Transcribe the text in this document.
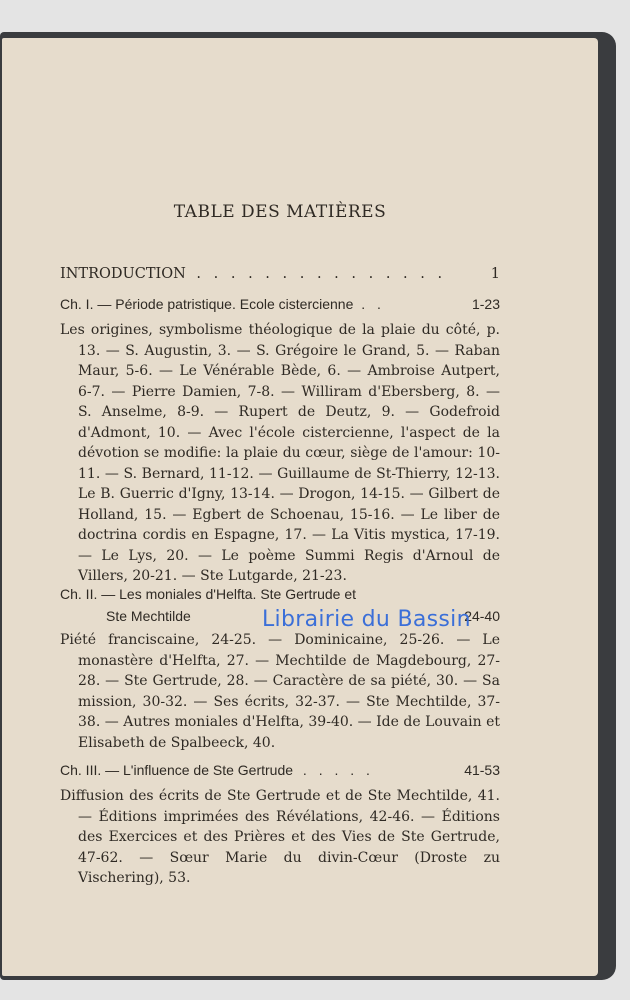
TABLE DES MATIÈRES
INTRODUCTION . . . . . . . . . . . . . . .	1
Ch. I. — Période patristique. Ecole cistercienne . .	1-23
Les origines, symbolisme théologique de la plaie du côté, p. 13. — S. Augustin, 3. — S. Grégoire le Grand, 5. — Raban Maur, 5-6. — Le Vénérable Bède, 6. — Ambroise Autpert, 6-7. — Pierre Damien, 7-8. — Williram d'Ebersberg, 8. — S. Anselme, 8-9. — Rupert de Deutz, 9. — Godefroid d'Admont, 10. — Avec l'école cistercienne, l'aspect de la dévotion se modifie: la plaie du cœur, siège de l'amour: 10-11. — S. Bernard, 11-12. — Guillaume de St-Thierry, 12-13. Le B. Guerric d'Igny, 13-14. — Drogon, 14-15. — Gilbert de Holland, 15. — Egbert de Schoenau, 15-16. — Le liber de doctrina cordis en Espagne, 17. — La Vitis mystica, 17-19. — Le Lys, 20. — Le poème Summi Regis d'Arnoul de Villers, 20-21. — Ste Lutgarde, 21-23.
Ch. II. — Les moniales d'Helfta. Ste Gertrude et
Ste Mechtilde	24-40
Piété franciscaine, 24-25. — Dominicaine, 25-26. — Le monastère d'Helfta, 27. — Mechtilde de Magdebourg, 27-28. — Ste Gertrude, 28. — Caractère de sa piété, 30. — Sa mission, 30-32. — Ses écrits, 32-37. — Ste Mechtilde, 37-38. — Autres moniales d'Helfta, 39-40. — Ide de Louvain et Elisabeth de Spalbeeck, 40.
Ch. III. — L'influence de Ste Gertrude . . . . .	41-53
Diffusion des écrits de Ste Gertrude et de Ste Mechtilde, 41. — Éditions imprimées des Révélations, 42-46. — Éditions des Exercices et des Prières et des Vies de Ste Gertrude, 47-62. — Sœur Marie du divin-Cœur (Droste zu Vischering), 53.
Librairie du Bassin
